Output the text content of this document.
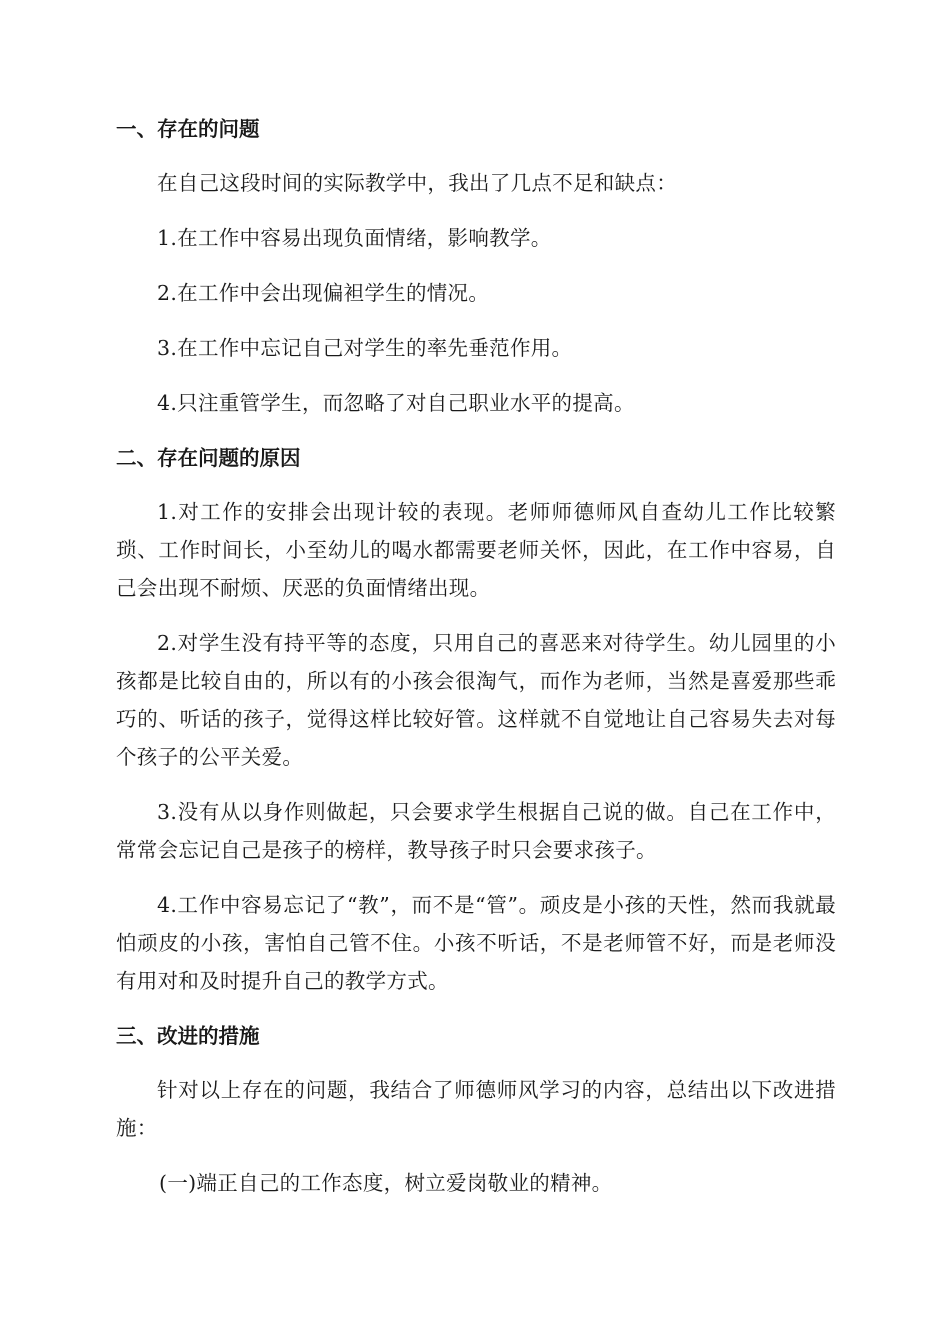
一、存在的问题

在自己这段时间的实际教学中，我出了几点不足和缺点：

1.在工作中容易出现负面情绪，影响教学。

2.在工作中会出现偏袒学生的情况。

3.在工作中忘记自己对学生的率先垂范作用。

4.只注重管学生，而忽略了对自己职业水平的提高。

二、存在问题的原因

1.对工作的安排会出现计较的表现。老师师德师风自查幼儿工作比较繁琐、工作时间长，小至幼儿的喝水都需要老师关怀，因此，在工作中容易，自己会出现不耐烦、厌恶的负面情绪出现。

2.对学生没有持平等的态度，只用自己的喜恶来对待学生。幼儿园里的小孩都是比较自由的，所以有的小孩会很淘气，而作为老师，当然是喜爱那些乖巧的、听话的孩子，觉得这样比较好管。这样就不自觉地让自己容易失去对每个孩子的公平关爱。

3.没有从以身作则做起，只会要求学生根据自己说的做。自己在工作中，常常会忘记自己是孩子的榜样，教导孩子时只会要求孩子。

4.工作中容易忘记了“教”，而不是“管”。顽皮是小孩的天性，然而我就最怕顽皮的小孩，害怕自己管不住。小孩不听话，不是老师管不好，而是老师没有用对和及时提升自己的教学方式。

三、改进的措施

针对以上存在的问题，我结合了师德师风学习的内容，总结出以下改进措施：

(一)端正自己的工作态度，树立爱岗敬业的精神。
